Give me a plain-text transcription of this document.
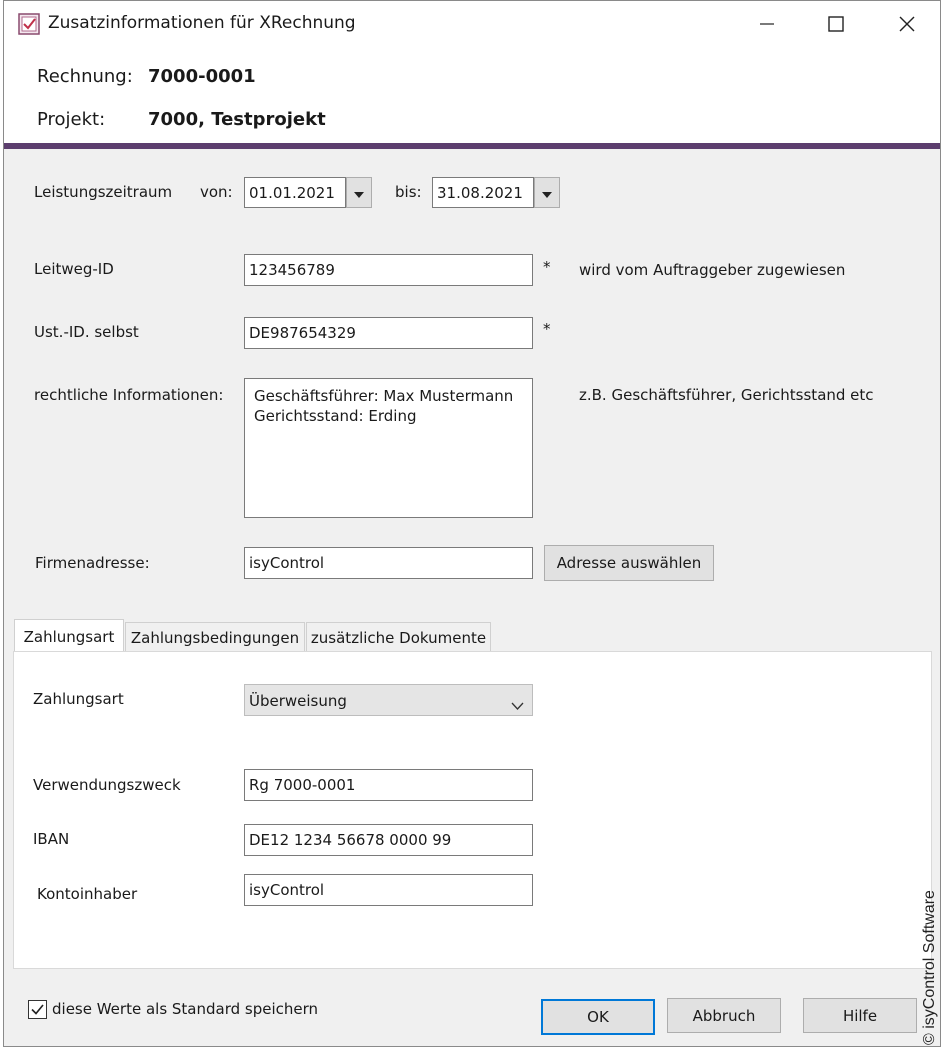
Zusatzinformationen für XRechnung
Rechnung: 7000-0001
Projekt: 7000, Testprojekt
Leistungszeitraum von:	01.01.2021	bis:	31.08.2021
Leitweg-ID	123456789	* wird vom Auftraggeber zugewiesen
Ust.-ID. selbst	DE987654329	*
rechtliche Informationen: Geschäftsführer: Max Mustermann
Gerichtsstand: Erding
z.B. Geschäftsführer, Gerichtsstand etc
Firmenadresse:	isyControl	Adresse auswählen
Zahlungsart	Zahlungsbedingungen zusätzliche Dokumente
Zahlungsart	Überweisung
Verwendungszweck	Rg 7000-0001
IBAN	DE12 1234 56678 0000 99
Kontoinhaber	isyControl
diese Werte als Standard speichern	OK	Abbruch	Hilfe	© isyControl Software
